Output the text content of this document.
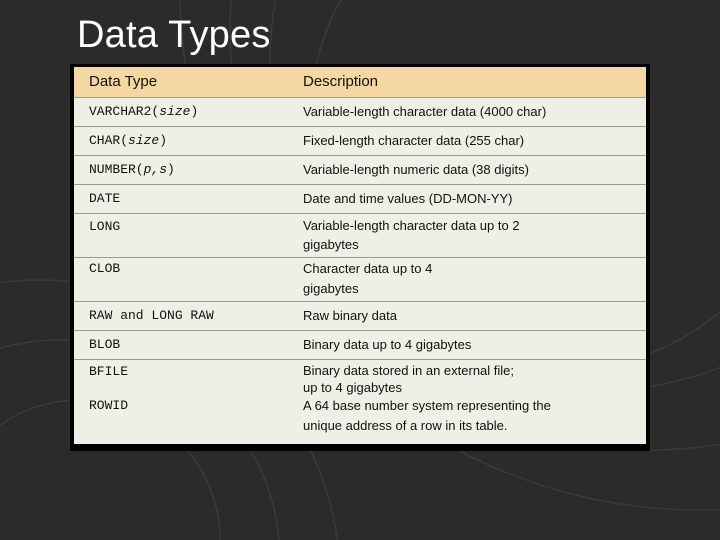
Data Types
Data Type	Description
VARCHAR2(size)	Variable-length character data (4000 char)
CHAR(size)	Fixed-length character data (255 char)
NUMBER(p,s)	Variable-length numeric data (38 digits)
DATE	Date and time values (DD-MON-YY)
LONG	Variable-length character data up to 2 gigabytes
CLOB	Character data up to 4 gigabytes
RAW and LONG RAW	Raw binary data
BLOB	Binary data up to 4 gigabytes
BFILE	Binary data stored in an external file; up to 4 gigabytes
ROWID	A 64 base number system representing the unique address of a row in its table.
